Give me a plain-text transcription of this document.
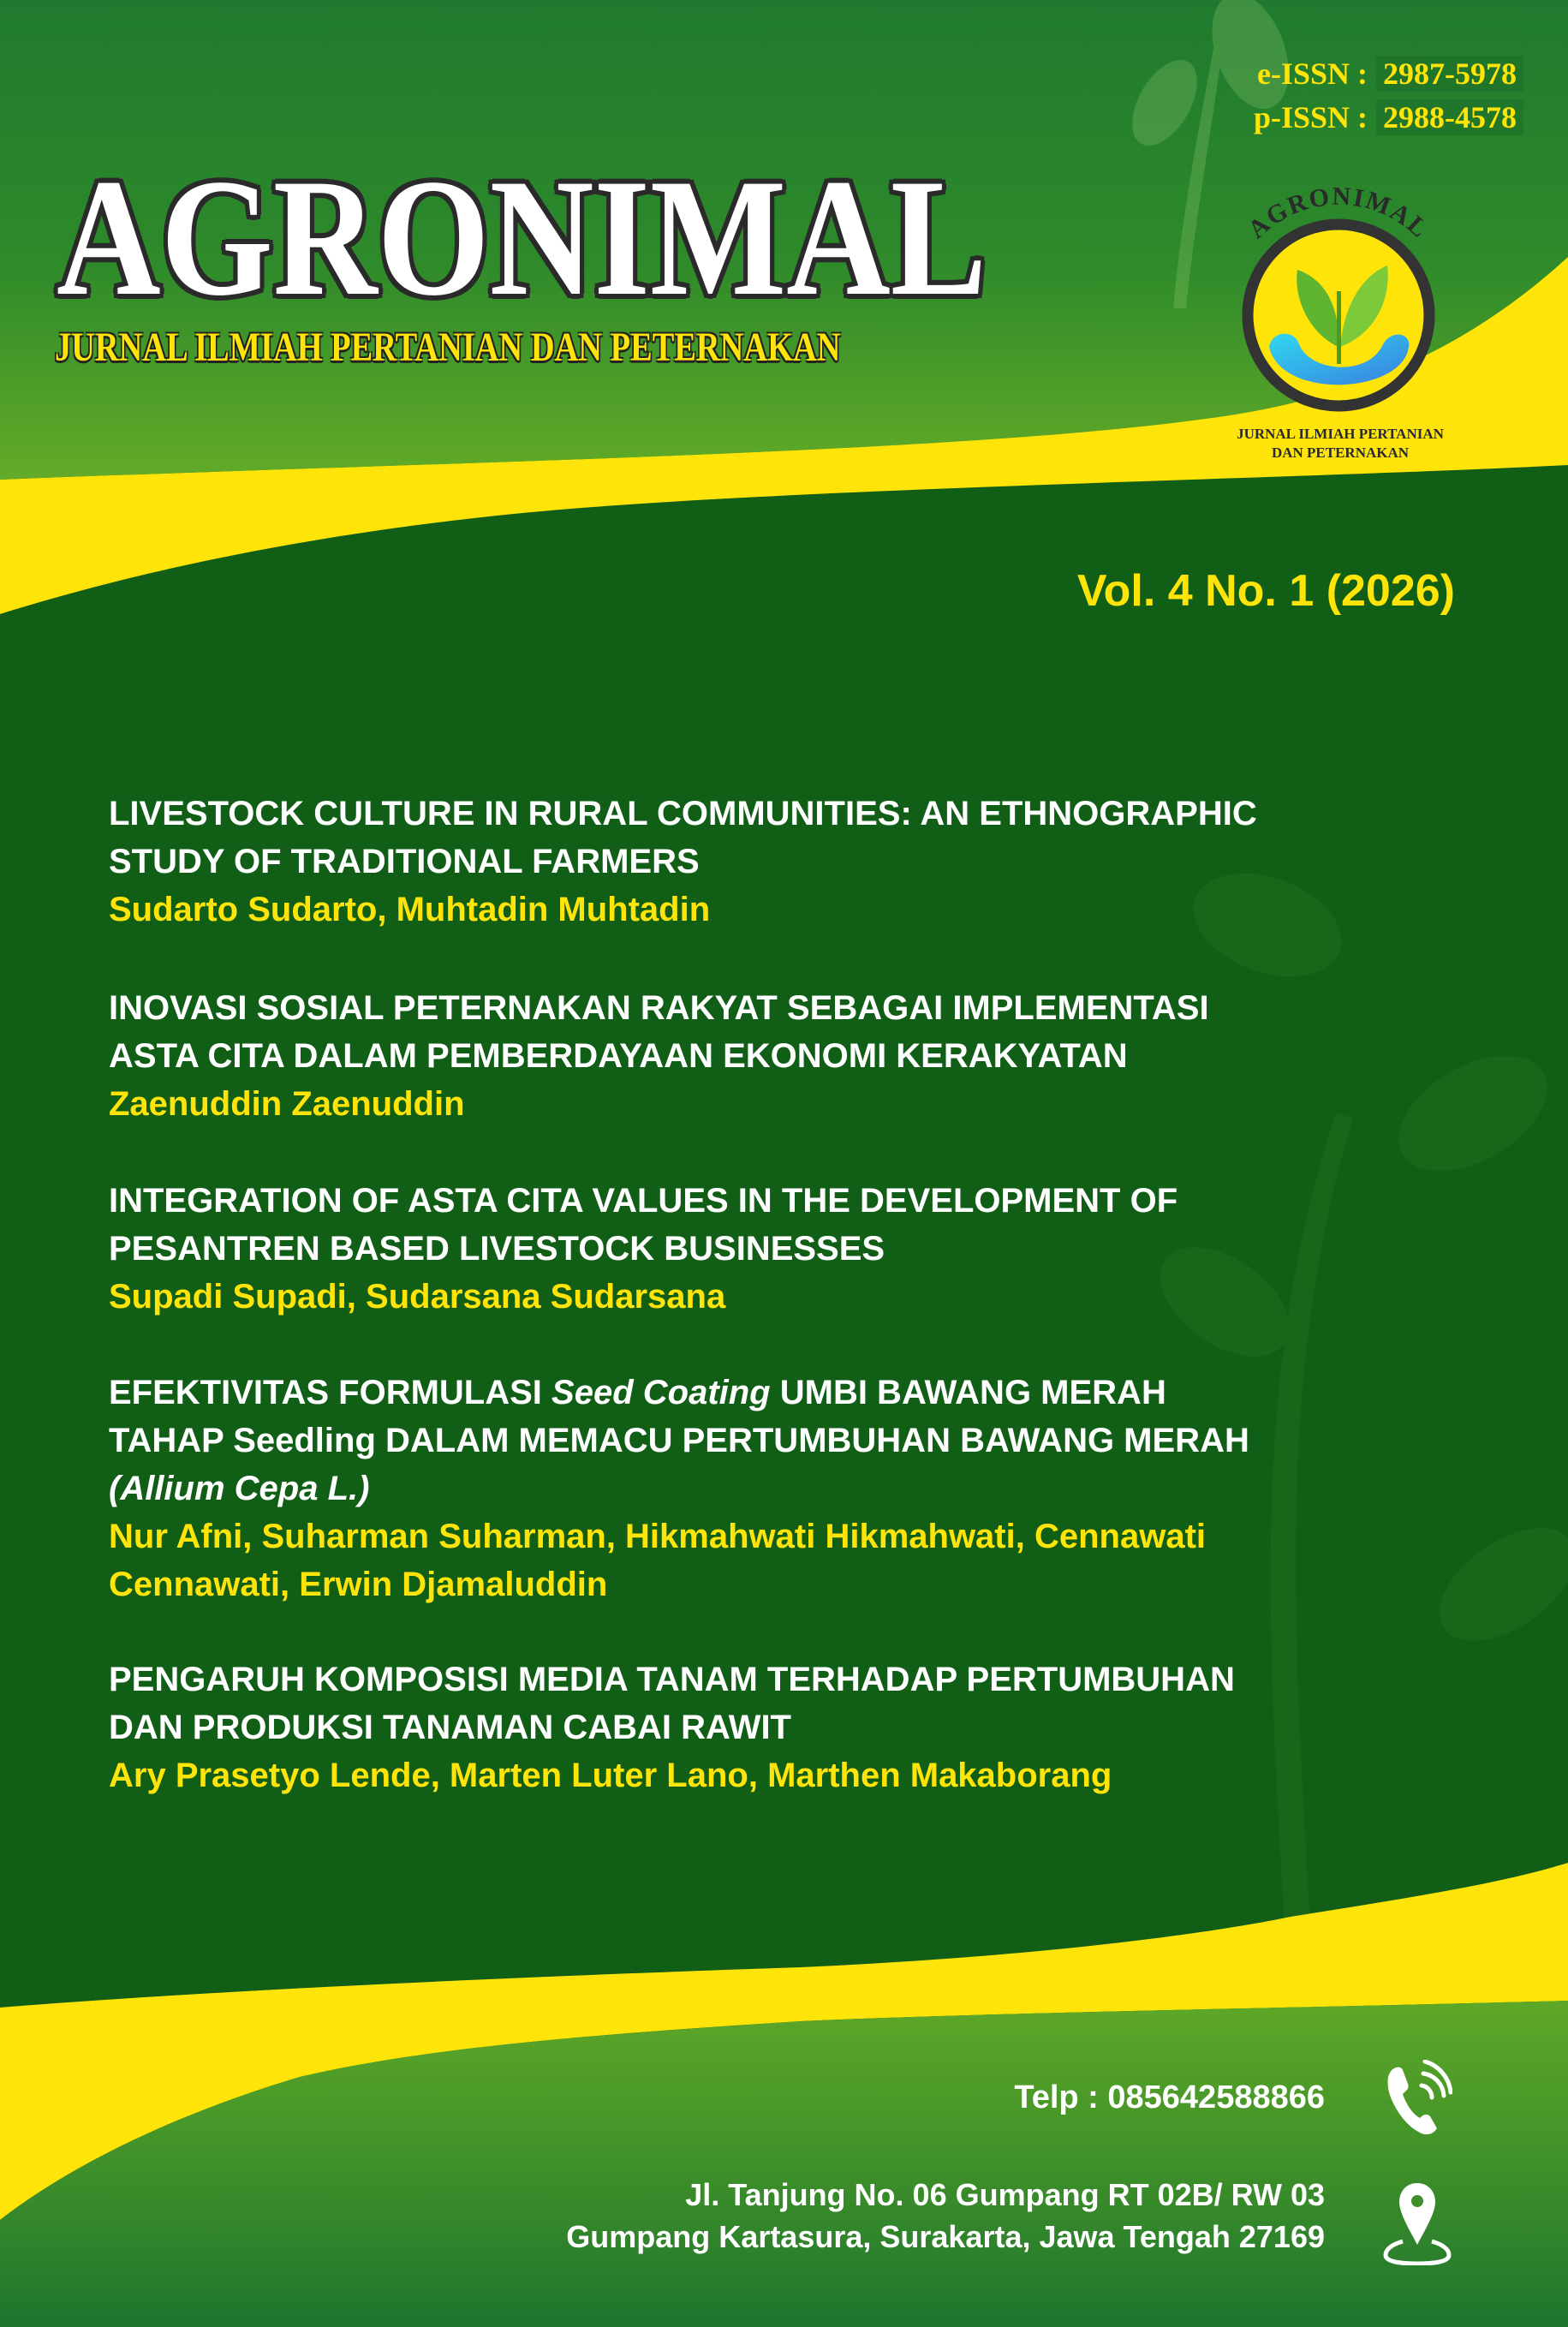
AGRONIMAL
JURNAL ILMIAH PERTANIAN DAN PETERNAKAN
e-ISSN : 2987-5978
p-ISSN : 2988-4578
AGRONIMAL
JURNAL ILMIAH PERTANIAN
DAN PETERNAKAN
Vol. 4 No. 1 (2026)
LIVESTOCK CULTURE IN RURAL COMMUNITIES: AN ETHNOGRAPHIC
STUDY OF TRADITIONAL FARMERS
Sudarto Sudarto, Muhtadin Muhtadin
INOVASI SOSIAL PETERNAKAN RAKYAT SEBAGAI IMPLEMENTASI
ASTA CITA DALAM PEMBERDAYAAN EKONOMI KERAKYATAN
Zaenuddin Zaenuddin
INTEGRATION OF ASTA CITA VALUES IN THE DEVELOPMENT OF
PESANTREN BASED LIVESTOCK BUSINESSES
Supadi Supadi, Sudarsana Sudarsana
EFEKTIVITAS FORMULASI Seed Coating UMBI BAWANG MERAH
TAHAP Seedling DALAM MEMACU PERTUMBUHAN BAWANG MERAH
(Allium Cepa L.)
Nur Afni, Suharman Suharman, Hikmahwati Hikmahwati, Cennawati
Cennawati, Erwin Djamaluddin
PENGARUH KOMPOSISI MEDIA TANAM TERHADAP PERTUMBUHAN
DAN PRODUKSI TANAMAN CABAI RAWIT
Ary Prasetyo Lende, Marten Luter Lano, Marthen Makaborang
Telp : 085642588866
Jl. Tanjung No. 06 Gumpang RT 02B/ RW 03
Gumpang Kartasura, Surakarta, Jawa Tengah 27169
